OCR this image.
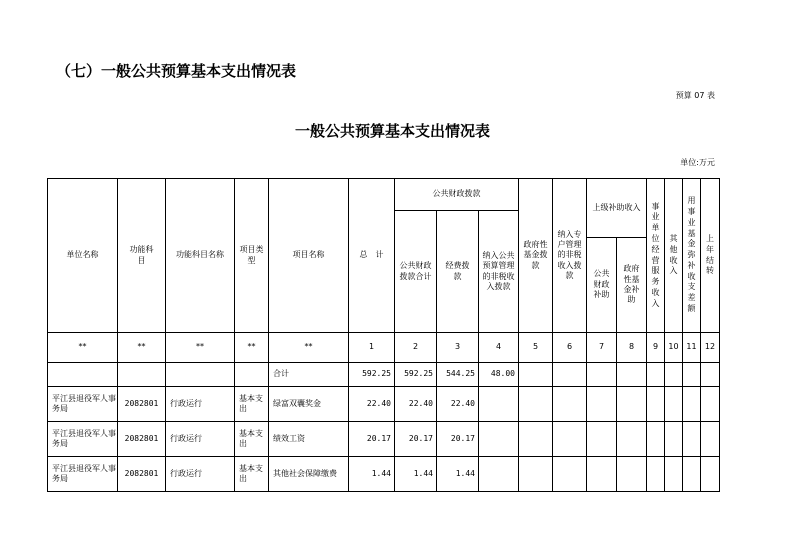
（七）一般公共预算基本支出情况表
预算 07 表
一般公共预算基本支出情况表
单位:万元
单位名称	功能科目	功能科目名称	项目类型	项目名称	总　计	公共财政拨款			政府性基金拨款	纳入专户管理的非税收入拨款	上级补助收入		事业单位经营服务收入	其他收入	用事业基金弥补收支差额	上年结转

						公共财政拨款合计	经费拨款	纳入公共预算管理的非税收入拨款								

											公共财政补助	政府性基金补助				

**	**	**	**	**	1	2	3	4	5	6	7	8	9	10	11	12
				合计	592.25	592.25	544.25	48.00								
平江县退役军人事务局	2082801	行政运行	基本支出	绿富双囊奖金	22.40	22.40	22.40									
平江县退役军人事务局	2082801	行政运行	基本支出	绩效工资	20.17	20.17	20.17									
平江县退役军人事务局	2082801	行政运行	基本支出	其他社会保障缴费	1.44	1.44	1.44									
